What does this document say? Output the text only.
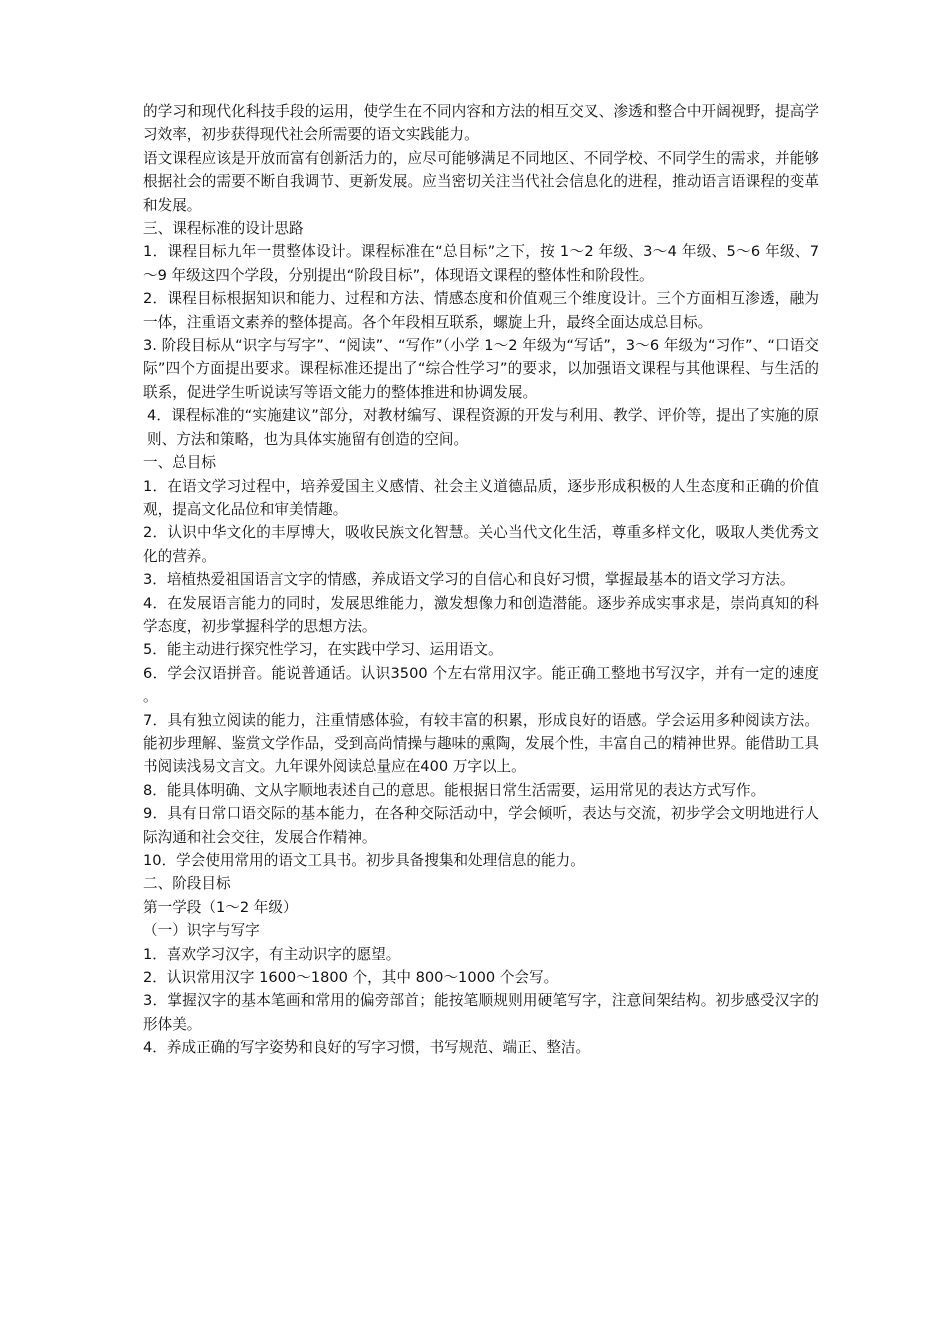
的学习和现代化科技手段的运用，使学生在不同内容和方法的相互交叉、渗透和整合中开阔视野，提高学习效率，初步获得现代社会所需要的语文实践能力。

语文课程应该是开放而富有创新活力的，应尽可能够满足不同地区、不同学校、不同学生的需求，并能够根据社会的需要不断自我调节、更新发展。应当密切关注当代社会信息化的进程，推动语言语课程的变革和发展。

三、课程标准的设计思路

1．课程目标九年一贯整体设计。课程标准在“总目标”之下，按 1～2 年级、3～4 年级、5～6 年级、7～9 年级这四个学段，分别提出“阶段目标”，体现语文课程的整体性和阶段性。

2．课程目标根据知识和能力、过程和方法、情感态度和价值观三个维度设计。三个方面相互渗透，融为一体，注重语文素养的整体提高。各个年段相互联系，螺旋上升，最终全面达成总目标。

3. 阶段目标从“识字与写字”、“阅读”、“写作”（小学 1～2 年级为“写话”，3～6 年级为“习作”、“口语交际”四个方面提出要求。课程标准还提出了“综合性学习”的要求，以加强语文课程与其他课程、与生活的联系，促进学生听说读写等语文能力的整体推进和协调发展。

4．课程标准的“实施建议”部分，对教材编写、课程资源的开发与利用、教学、评价等，提出了实施的原则、方法和策略，也为具体实施留有创造的空间。

一、总目标

1．在语文学习过程中，培养爱国主义感情、社会主义道德品质，逐步形成积极的人生态度和正确的价值观，提高文化品位和审美情趣。

2．认识中华文化的丰厚博大，吸收民族文化智慧。关心当代文化生活，尊重多样文化，吸取人类优秀文化的营养。

3．培植热爱祖国语言文字的情感，养成语文学习的自信心和良好习惯，掌握最基本的语文学习方法。

4．在发展语言能力的同时，发展思维能力，激发想像力和创造潜能。逐步养成实事求是，崇尚真知的科学态度，初步掌握科学的思想方法。

5．能主动进行探究性学习，在实践中学习、运用语文。

6．学会汉语拼音。能说普通话。认识3500 个左右常用汉字。能正确工整地书写汉字，并有一定的速度。

7．具有独立阅读的能力，注重情感体验，有较丰富的积累，形成良好的语感。学会运用多种阅读方法。能初步理解、鉴赏文学作品，受到高尚情操与趣味的熏陶，发展个性，丰富自己的精神世界。能借助工具书阅读浅易文言文。九年课外阅读总量应在400 万字以上。

8．能具体明确、文从字顺地表述自己的意思。能根据日常生活需要，运用常见的表达方式写作。

9．具有日常口语交际的基本能力，在各种交际活动中，学会倾听，表达与交流，初步学会文明地进行人际沟通和社会交往，发展合作精神。

10．学会使用常用的语文工具书。初步具备搜集和处理信息的能力。

二、阶段目标

第一学段（1～2 年级）

（一）识字与写字

1．喜欢学习汉字，有主动识字的愿望。

2．认识常用汉字 1600～1800 个，其中 800～1000 个会写。

3．掌握汉字的基本笔画和常用的偏旁部首；能按笔顺规则用硬笔写字，注意间架结构。初步感受汉字的形体美。

4．养成正确的写字姿势和良好的写字习惯，书写规范、端正、整洁。
